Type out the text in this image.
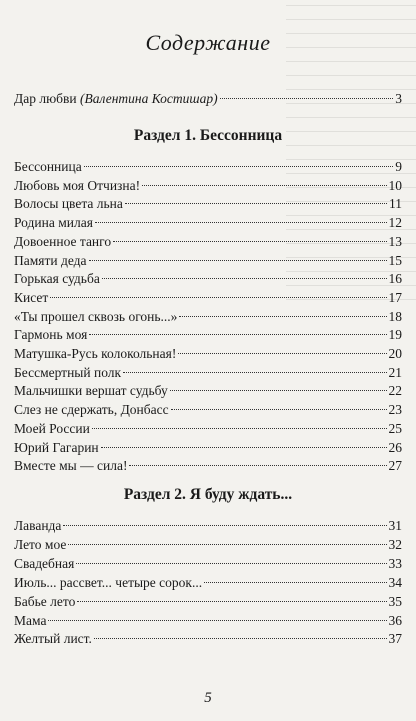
Содержание
Дар любви (Валентина Костишар)	3
Раздел 1. Бессонница
Бессонница	9
Любовь моя Отчизна!	10
Волосы цвета льна	11
Родина милая	12
Довоенное танго	13
Памяти деда	15
Горькая судьба	16
Кисет	17
«Ты прошел сквозь огонь...»	18
Гармонь моя	19
Матушка-Русь колокольная!	20
Бессмертный полк	21
Мальчишки вершат судьбу	22
Слез не сдержать, Донбасс	23
Моей России	25
Юрий Гагарин	26
Вместе мы — сила!	27
Раздел 2. Я буду ждать...
Лаванда	31
Лето мое	32
Свадебная	33
Июль... рассвет... четыре сорок...	34
Бабье лето	35
Мама	36
Желтый лист.	37
5
